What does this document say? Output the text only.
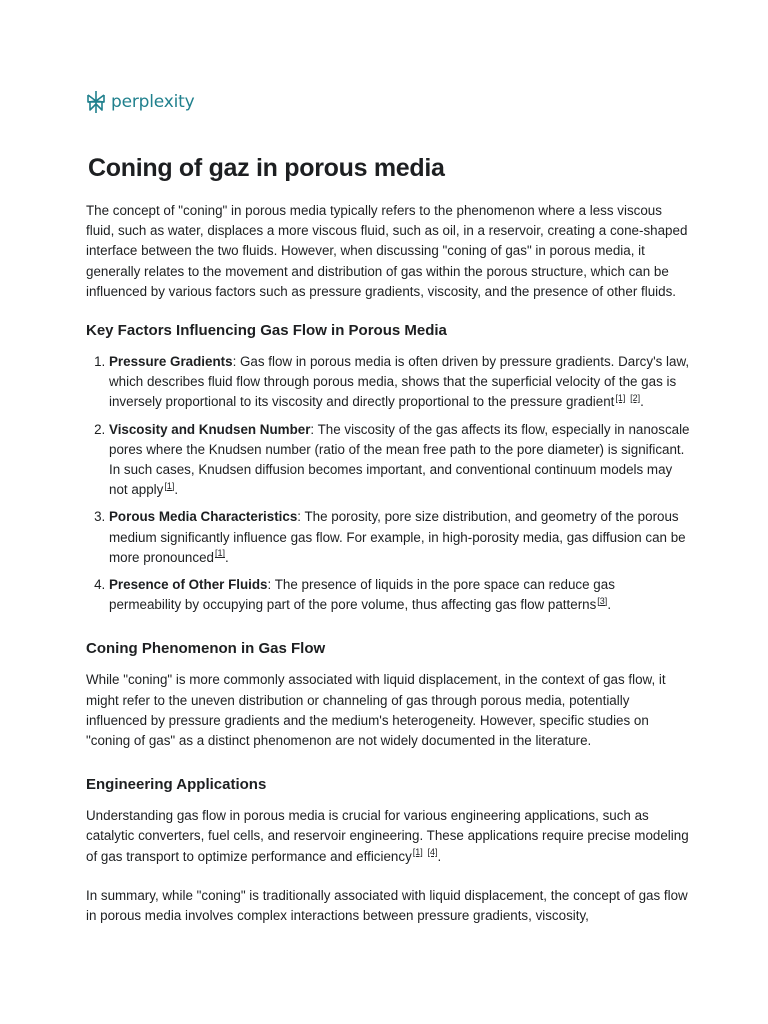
perplexity
Coning of gaz in porous media

The concept of "coning" in porous media typically refers to the phenomenon where a less viscous fluid, such as water, displaces a more viscous fluid, such as oil, in a reservoir, creating a cone-shaped interface between the two fluids. However, when discussing "coning of gas" in porous media, it generally relates to the movement and distribution of gas within the porous structure, which can be influenced by various factors such as pressure gradients, viscosity, and the presence of other fluids.

Key Factors Influencing Gas Flow in Porous Media
1. Pressure Gradients: Gas flow in porous media is often driven by pressure gradients. Darcy's law, which describes fluid flow through porous media, shows that the superficial velocity of the gas is inversely proportional to its viscosity and directly proportional to the pressure gradient[1] [2].
2. Viscosity and Knudsen Number: The viscosity of the gas affects its flow, especially in nanoscale pores where the Knudsen number (ratio of the mean free path to the pore diameter) is significant. In such cases, Knudsen diffusion becomes important, and conventional continuum models may not apply[1].
3. Porous Media Characteristics: The porosity, pore size distribution, and geometry of the porous medium significantly influence gas flow. For example, in high-porosity media, gas diffusion can be more pronounced[1].
4. Presence of Other Fluids: The presence of liquids in the pore space can reduce gas permeability by occupying part of the pore volume, thus affecting gas flow patterns[3].
Coning Phenomenon in Gas Flow

While "coning" is more commonly associated with liquid displacement, in the context of gas flow, it might refer to the uneven distribution or channeling of gas through porous media, potentially influenced by pressure gradients and the medium's heterogeneity. However, specific studies on "coning of gas" as a distinct phenomenon are not widely documented in the literature.

Engineering Applications

Understanding gas flow in porous media is crucial for various engineering applications, such as catalytic converters, fuel cells, and reservoir engineering. These applications require precise modeling of gas transport to optimize performance and efficiency[1] [4].

In summary, while "coning" is traditionally associated with liquid displacement, the concept of gas flow in porous media involves complex interactions between pressure gradients, viscosity,
